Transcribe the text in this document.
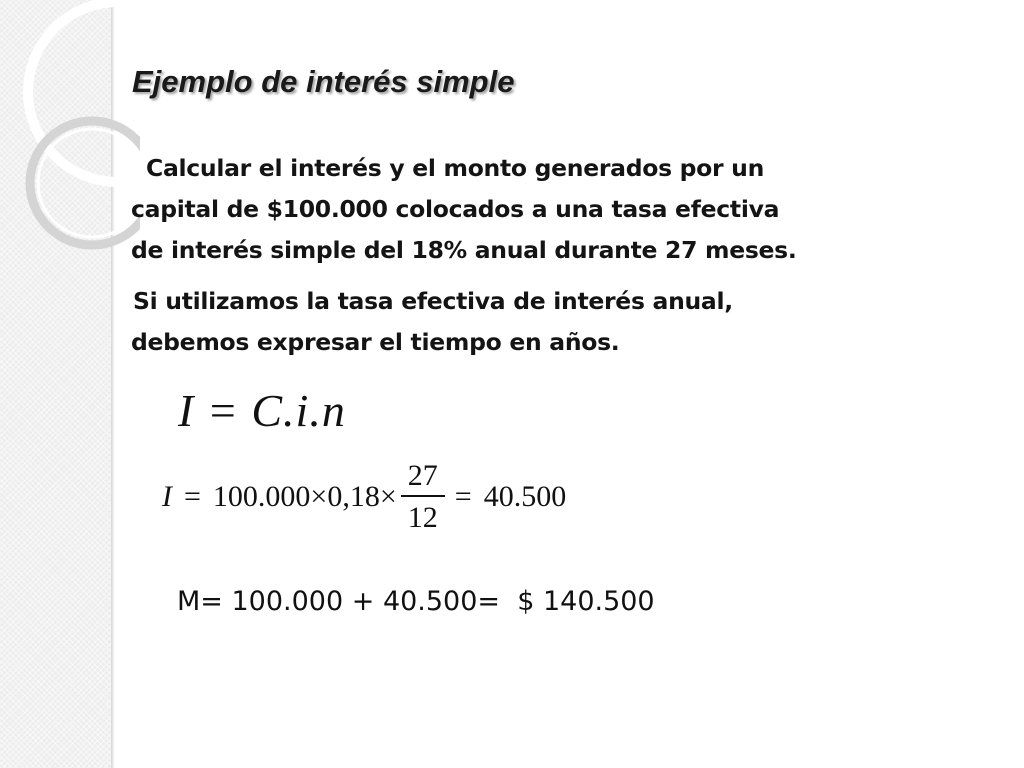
Ejemplo de interés simple
Calcular el interés y el monto generados por un
capital de $100.000 colocados a una tasa efectiva
de interés simple del 18% anual durante 27 meses.
Si utilizamos la tasa efectiva de interés anual,
debemos expresar el tiempo en años.
I = C.i.n
$I = 100.000 \times 0,18 \times \frac{27}{12} = 40.500$

M= 100.000 + 40.500=  $ 140.500
